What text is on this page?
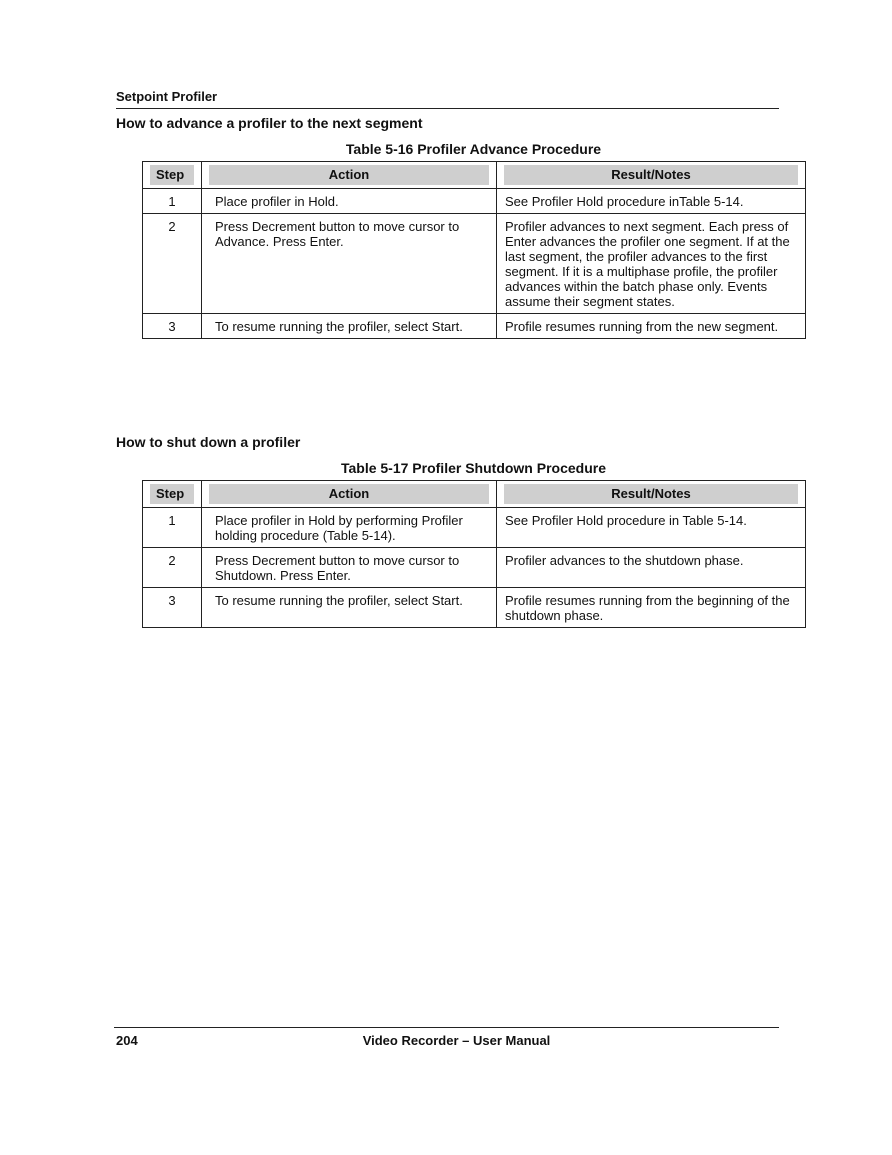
Setpoint Profiler
How to advance a profiler to the next segment
Table 5-16 Profiler Advance Procedure
Step	Action	Result/Notes

1	Place profiler in Hold.	See Profiler Hold procedure inTable 5-14.
2	Press Decrement button to move cursor to Advance. Press Enter.	Profiler advances to next segment. Each press of Enter advances the profiler one segment. If at the last segment, the profiler advances to the first segment. If it is a multiphase profile, the profiler advances within the batch phase only. Events assume their segment states.
3	To resume running the profiler, select Start.	Profile resumes running from the new segment.
How to shut down a profiler
Table 5-17 Profiler Shutdown Procedure
Step	Action	Result/Notes

1	Place profiler in Hold by performing Profiler holding procedure (Table 5-14).	See Profiler Hold procedure in Table 5-14.
2	Press Decrement button to move cursor to Shutdown. Press Enter.	Profiler advances to the shutdown phase.
3	To resume running the profiler, select Start.	Profile resumes running from the beginning of the shutdown phase.
204	Video Recorder – User Manual
